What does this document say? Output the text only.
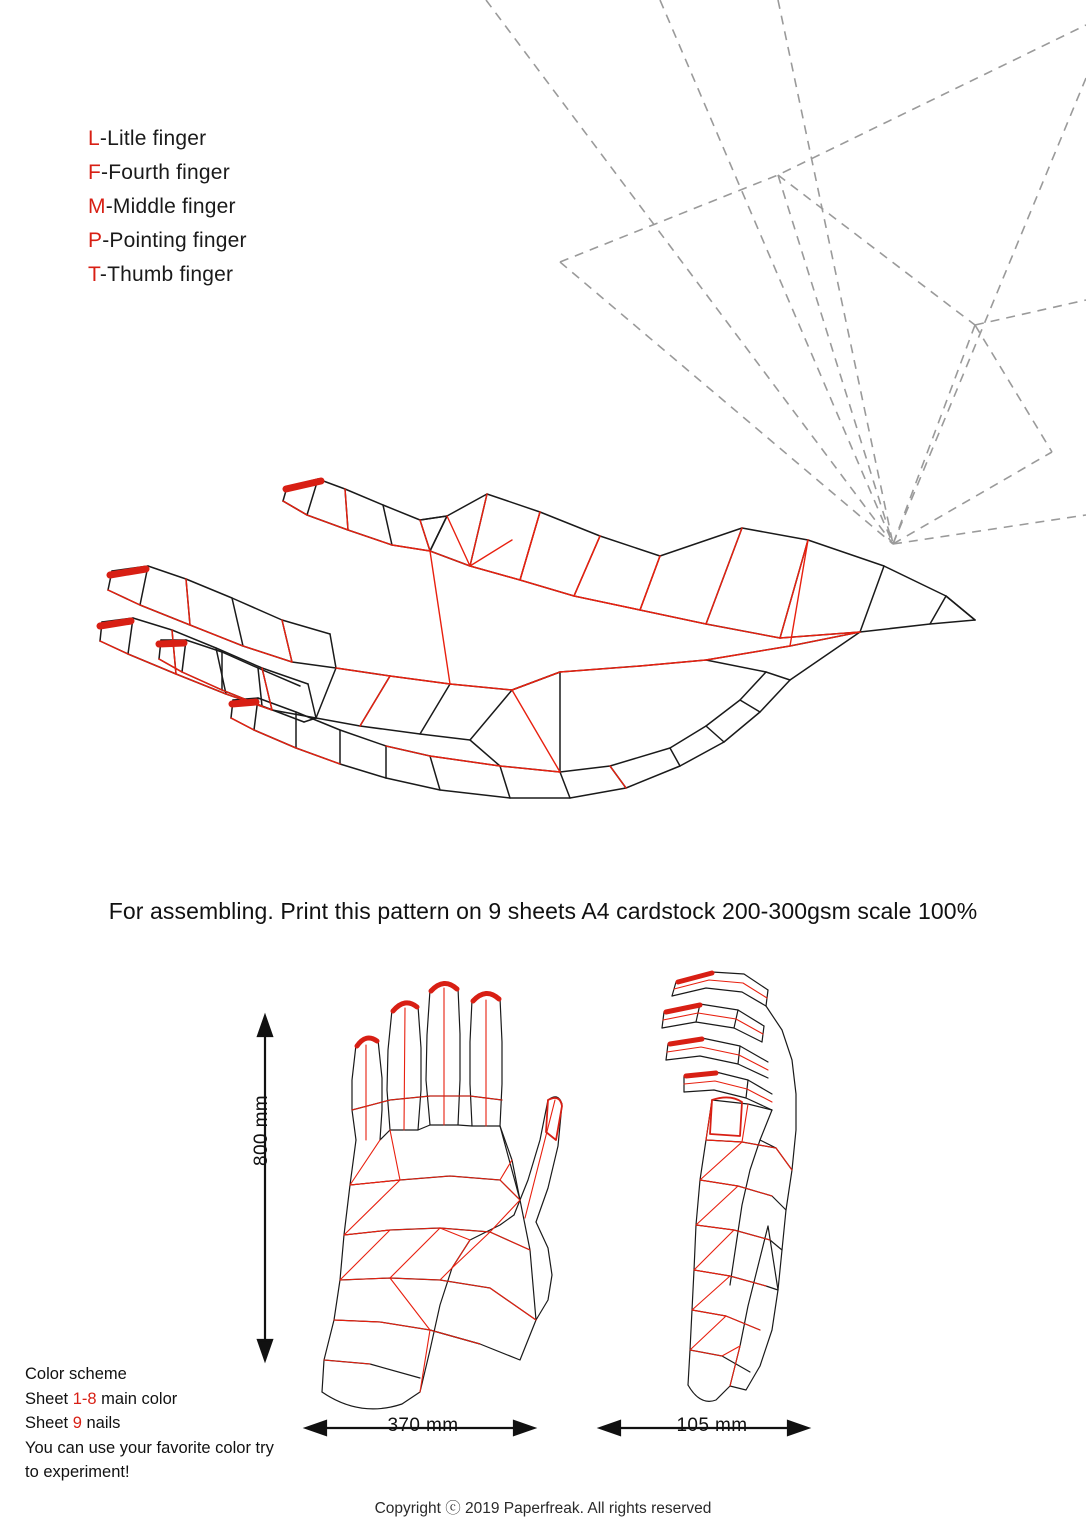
L-Litle finger
F-Fourth finger
M-Middle finger
P-Pointing finger
T-Thumb finger
For assembling. Print this pattern on 9 sheets A4 cardstock 200-300gsm scale 100%
800 mm
370 mm	105 mm
Color scheme
Sheet 1-8 main color
Sheet 9 nails
You can use your favorite color try
to experiment!
Copyright ⓒ 2019 Paperfreak. All rights reserved
